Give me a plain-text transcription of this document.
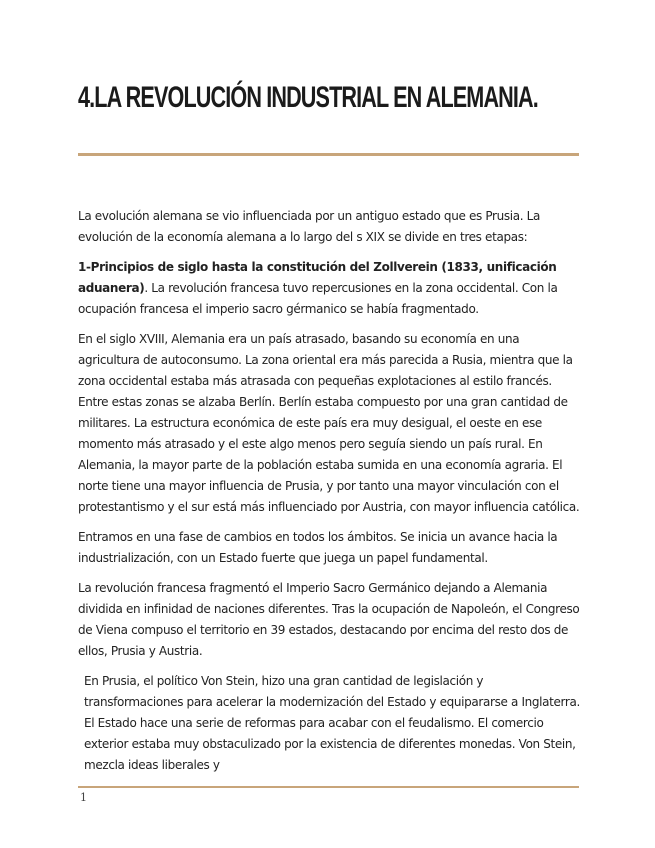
4.LA REVOLUCIÓN INDUSTRIAL EN ALEMANIA.

La evolución alemana se vio influenciada por un antiguo estado que es Prusia. La evolución de la economía alemana a lo largo del s XIX se divide en tres etapas:

1-Principios de siglo hasta la constitución del Zollverein (1833, unificación aduanera). La revolución francesa tuvo repercusiones en la zona occidental. Con la ocupación francesa el imperio sacro gérmanico se había fragmentado.

En el siglo XVIII, Alemania era un país atrasado, basando su economía en una agricultura de autoconsumo. La zona oriental era más parecida a Rusia, mientra que la zona occidental estaba más atrasada con pequeñas explotaciones al estilo francés. Entre estas zonas se alzaba Berlín. Berlín estaba compuesto por una gran cantidad de militares. La estructura económica de este país era muy desigual, el oeste en ese momento más atrasado y el este algo menos pero seguía siendo un país rural. En Alemania, la mayor parte de la población estaba sumida en una economía agraria. El norte tiene una mayor influencia de Prusia, y por tanto una mayor vinculación con el protestantismo y el sur está más influenciado por Austria, con mayor influencia católica.

Entramos en una fase de cambios en todos los ámbitos. Se inicia un avance hacia la industrialización, con un Estado fuerte que juega un papel fundamental.

La revolución francesa fragmentó el Imperio Sacro Germánico dejando a Alemania dividida en infinidad de naciones diferentes. Tras la ocupación de Napoleón, el Congreso de Viena compuso el territorio en 39 estados, destacando por encima del resto dos de ellos, Prusia y Austria.

En Prusia, el político Von Stein, hizo una gran cantidad de legislación y transformaciones para acelerar la modernización del Estado y equipararse a Inglaterra. El Estado hace una serie de reformas para acabar con el feudalismo. El comercio exterior estaba muy obstaculizado por la existencia de diferentes monedas. Von Stein, mezcla ideas liberales y

1
